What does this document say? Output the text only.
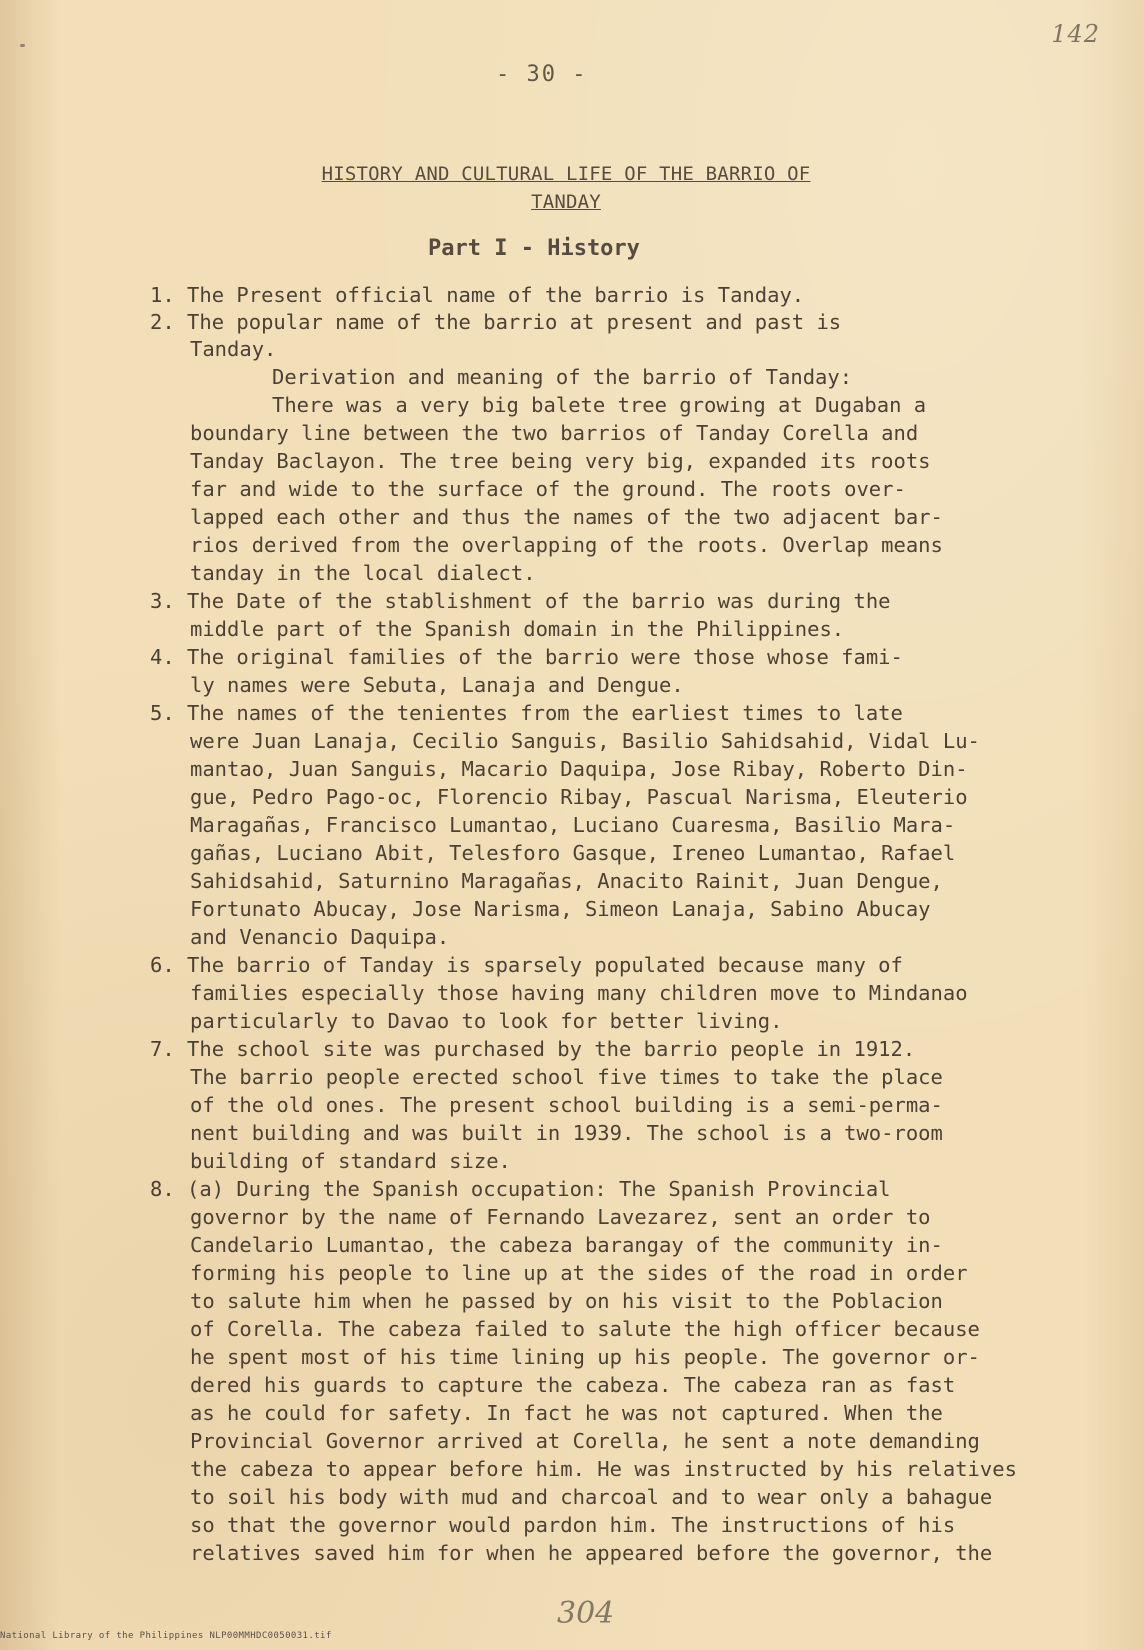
142
- 30 -
HISTORY AND CULTURAL LIFE OF THE BARRIO OF
TANDAY
Part I - History
1. The Present official name of the barrio is Tanday.
2. The popular name of the barrio at present and past is
Tanday.
Derivation and meaning of the barrio of Tanday:
There was a very big balete tree growing at Dugaban a
boundary line between the two barrios of Tanday Corella and
Tanday Baclayon. The tree being very big, expanded its roots
far and wide to the surface of the ground. The roots over-
lapped each other and thus the names of the two adjacent bar-
rios derived from the overlapping of the roots. Overlap means
tanday in the local dialect.
3. The Date of the stablishment of the barrio was during the
middle part of the Spanish domain in the Philippines.
4. The original families of the barrio were those whose fami-
ly names were Sebuta, Lanaja and Dengue.
5. The names of the tenientes from the earliest times to late
were Juan Lanaja, Cecilio Sanguis, Basilio Sahidsahid, Vidal Lu-
mantao, Juan Sanguis, Macario Daquipa, Jose Ribay, Roberto Din-
gue, Pedro Pago-oc, Florencio Ribay, Pascual Narisma, Eleuterio
Maragañas, Francisco Lumantao, Luciano Cuaresma, Basilio Mara-
gañas, Luciano Abit, Telesforo Gasque, Ireneo Lumantao, Rafael
Sahidsahid, Saturnino Maragañas, Anacito Rainit, Juan Dengue,
Fortunato Abucay, Jose Narisma, Simeon Lanaja, Sabino Abucay
and Venancio Daquipa.
6. The barrio of Tanday is sparsely populated because many of
families especially those having many children move to Mindanao
particularly to Davao to look for better living.
7. The school site was purchased by the barrio people in 1912.
The barrio people erected school five times to take the place
of the old ones. The present school building is a semi-perma-
nent building and was built in 1939. The school is a two-room
building of standard size.
8. (a) During the Spanish occupation: The Spanish Provincial
governor by the name of Fernando Lavezarez, sent an order to
Candelario Lumantao, the cabeza barangay of the community in-
forming his people to line up at the sides of the road in order
to salute him when he passed by on his visit to the Poblacion
of Corella. The cabeza failed to salute the high officer because
he spent most of his time lining up his people. The governor or-
dered his guards to capture the cabeza. The cabeza ran as fast
as he could for safety. In fact he was not captured. When the
Provincial Governor arrived at Corella, he sent a note demanding
the cabeza to appear before him. He was instructed by his relatives
to soil his body with mud and charcoal and to wear only a bahague
so that the governor would pardon him. The instructions of his
relatives saved him for when he appeared before the governor, the
304
National Library of the Philippines NLP00MMHDC0050031.tif
